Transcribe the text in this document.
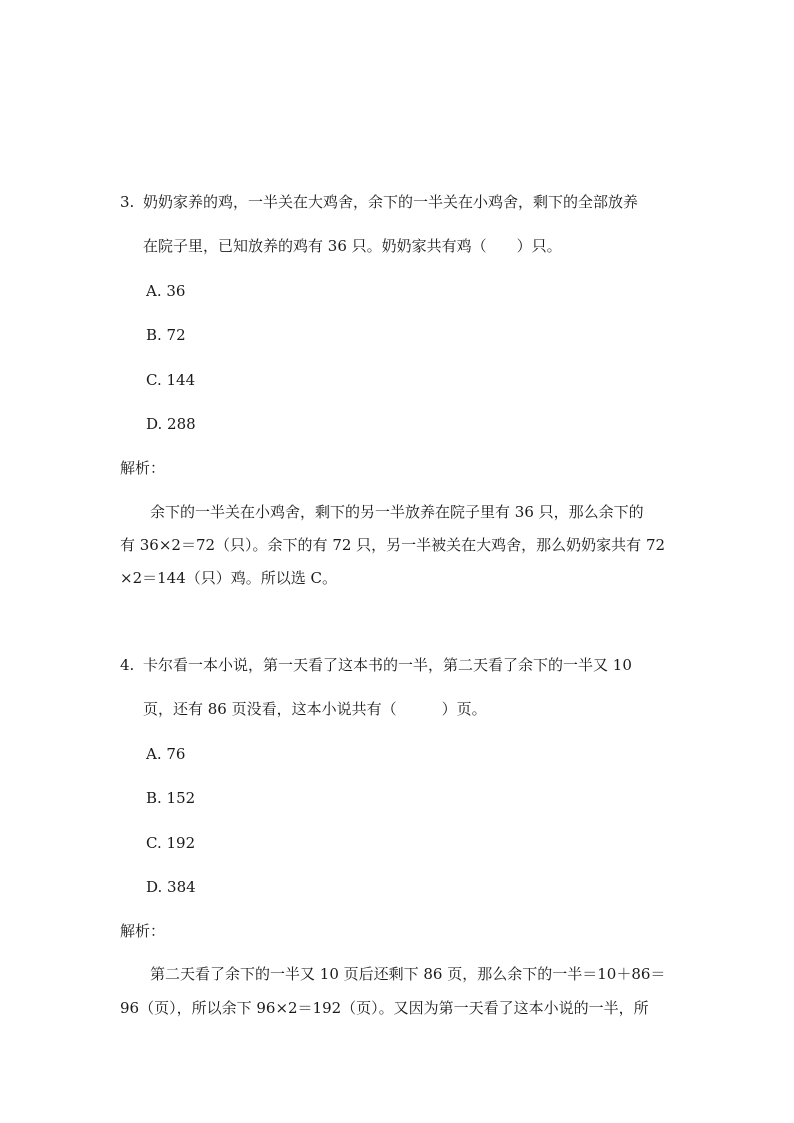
3. 奶奶家养的鸡，一半关在大鸡舍，余下的一半关在小鸡舍，剩下的全部放养
在院子里，已知放养的鸡有 36 只。奶奶家共有鸡（　　）只。
A. 36
B. 72
C. 144
D. 288
解析：
余下的一半关在小鸡舍，剩下的另一半放养在院子里有 36 只，那么余下的
有 36×2＝72（只）。余下的有 72 只，另一半被关在大鸡舍，那么奶奶家共有 72
×2＝144（只）鸡。所以选 C。
4. 卡尔看一本小说，第一天看了这本书的一半，第二天看了余下的一半又 10
页，还有 86 页没看，这本小说共有（　　　）页。
A. 76
B. 152
C. 192
D. 384
解析：
第二天看了余下的一半又 10 页后还剩下 86 页，那么余下的一半＝10＋86＝
96（页），所以余下 96×2＝192（页）。又因为第一天看了这本小说的一半，所
